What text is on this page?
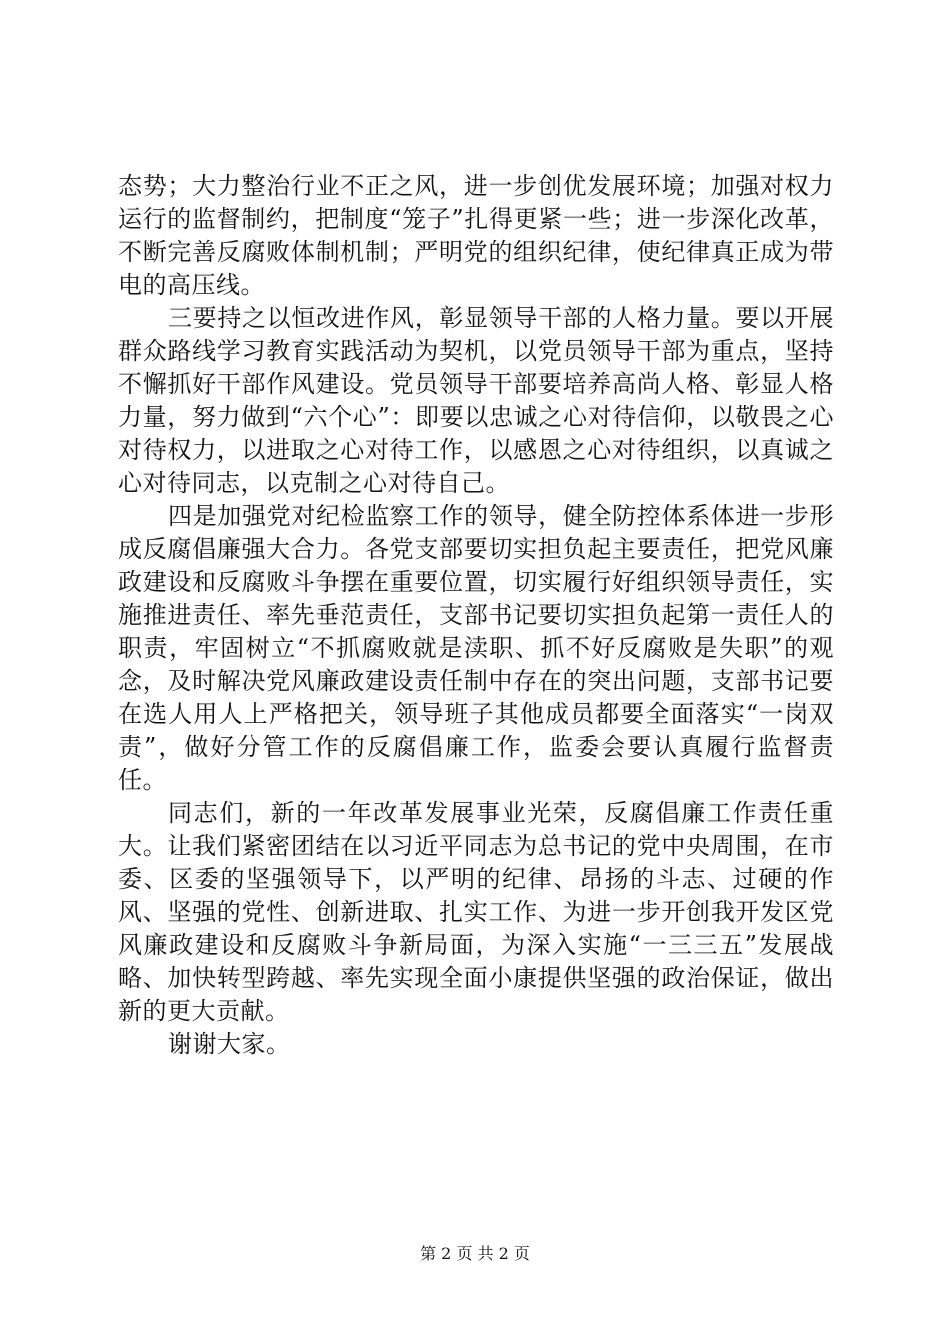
态势；大力整治行业不正之风，进一步创优发展环境；加强对权力运行的监督制约，把制度“笼子”扎得更紧一些；进一步深化改革，不断完善反腐败体制机制；严明党的组织纪律，使纪律真正成为带电的高压线。

三要持之以恒改进作风，彰显领导干部的人格力量。要以开展群众路线学习教育实践活动为契机，以党员领导干部为重点，坚持不懈抓好干部作风建设。党员领导干部要培养高尚人格、彰显人格力量，努力做到“六个心”：即要以忠诚之心对待信仰，以敬畏之心对待权力，以进取之心对待工作，以感恩之心对待组织，以真诚之心对待同志，以克制之心对待自己。

四是加强党对纪检监察工作的领导，健全防控体系体进一步形成反腐倡廉强大合力。各党支部要切实担负起主要责任，把党风廉政建设和反腐败斗争摆在重要位置，切实履行好组织领导责任，实施推进责任、率先垂范责任，支部书记要切实担负起第一责任人的职责，牢固树立“不抓腐败就是渎职、抓不好反腐败是失职”的观念，及时解决党风廉政建设责任制中存在的突出问题，支部书记要在选人用人上严格把关，领导班子其他成员都要全面落实“一岗双责”，做好分管工作的反腐倡廉工作，监委会要认真履行监督责任。

同志们，新的一年改革发展事业光荣，反腐倡廉工作责任重大。让我们紧密团结在以习近平同志为总书记的党中央周围，在市委、区委的坚强领导下，以严明的纪律、昂扬的斗志、过硬的作风、坚强的党性、创新进取、扎实工作、为进一步开创我开发区党风廉政建设和反腐败斗争新局面，为深入实施“一三三五”发展战略、加快转型跨越、率先实现全面小康提供坚强的政治保证，做出新的更大贡献。

谢谢大家。

第 2 页 共 2 页
